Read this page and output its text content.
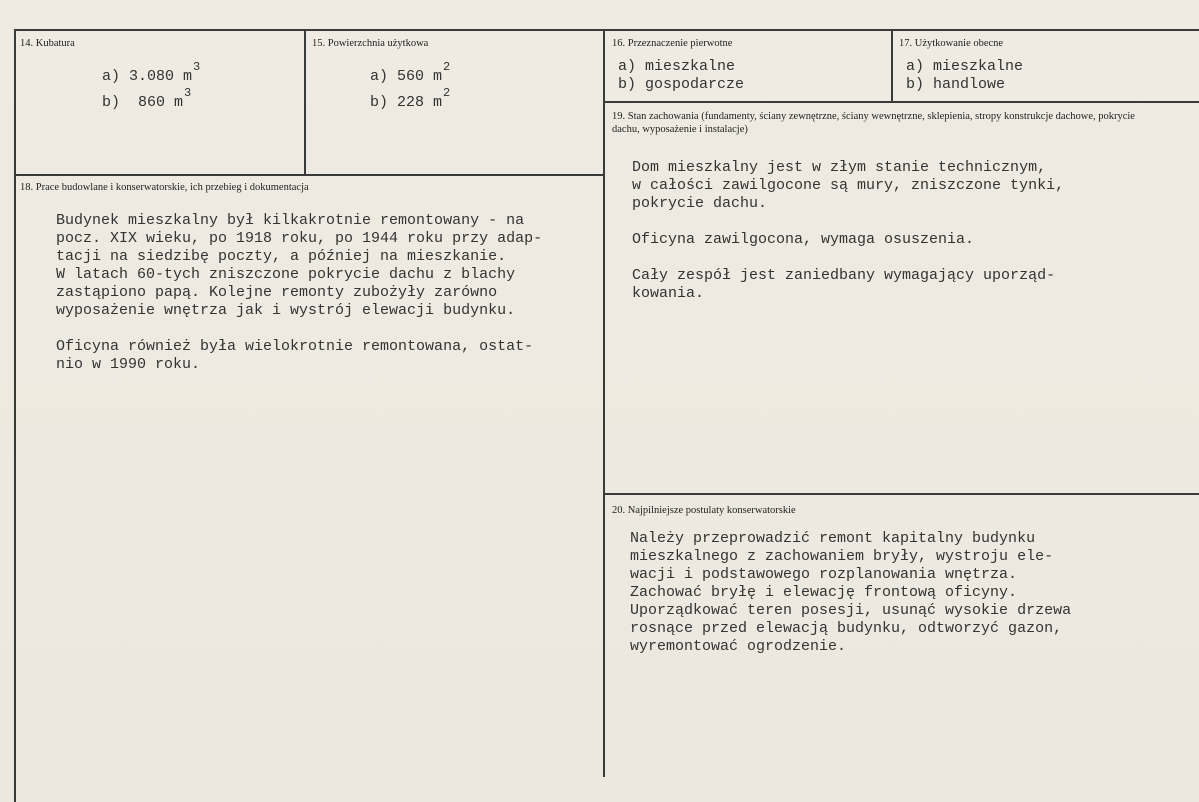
14. Kubatura
a) 3.080 $m^3$
b)  860 $m^3$
15. Powierzchnia użytkowa
a) 560 $m^2$
b) 228 $m^2$
16. Przeznaczenie pierwotne
a) mieszkalne
b) gospodarcze
17. Użytkowanie obecne
a) mieszkalne
b) handlowe
18. Prace budowlane i konserwatorskie, ich przebieg i dokumentacja
Budynek mieszkalny był kilkakrotnie remontowany - na
pocz. XIX wieku, po 1918 roku, po 1944 roku przy adap-
tacji na siedzibę poczty, a później na mieszkanie.
W latach 60-tych zniszczone pokrycie dachu z blachy
zastąpiono papą. Kolejne remonty zubożyły zarówno
wyposażenie wnętrza jak i wystrój elewacji budynku.

Oficyna również była wielokrotnie remontowana, ostat-
nio w 1990 roku.
19. Stan zachowania (fundamenty, ściany zewnętrzne, ściany wewnętrzne, sklepienia, stropy konstrukcje dachowe, pokrycie dachu, wyposażenie i instalacje)
Dom mieszkalny jest w złym stanie technicznym,
w całości zawilgocone są mury, zniszczone tynki,
pokrycie dachu.

Oficyna zawilgocona, wymaga osuszenia.

Cały zespół jest zaniedbany wymagający uporząd-
kowania.
20. Najpilniejsze postulaty konserwatorskie
Należy przeprowadzić remont kapitalny budynku
mieszkalnego z zachowaniem bryły, wystroju ele-
wacji i podstawowego rozplanowania wnętrza.
Zachować bryłę i elewację frontową oficyny.
Uporządkować teren posesji, usunąć wysokie drzewa
rosnące przed elewacją budynku, odtworzyć gazon,
wyremontować ogrodzenie.
